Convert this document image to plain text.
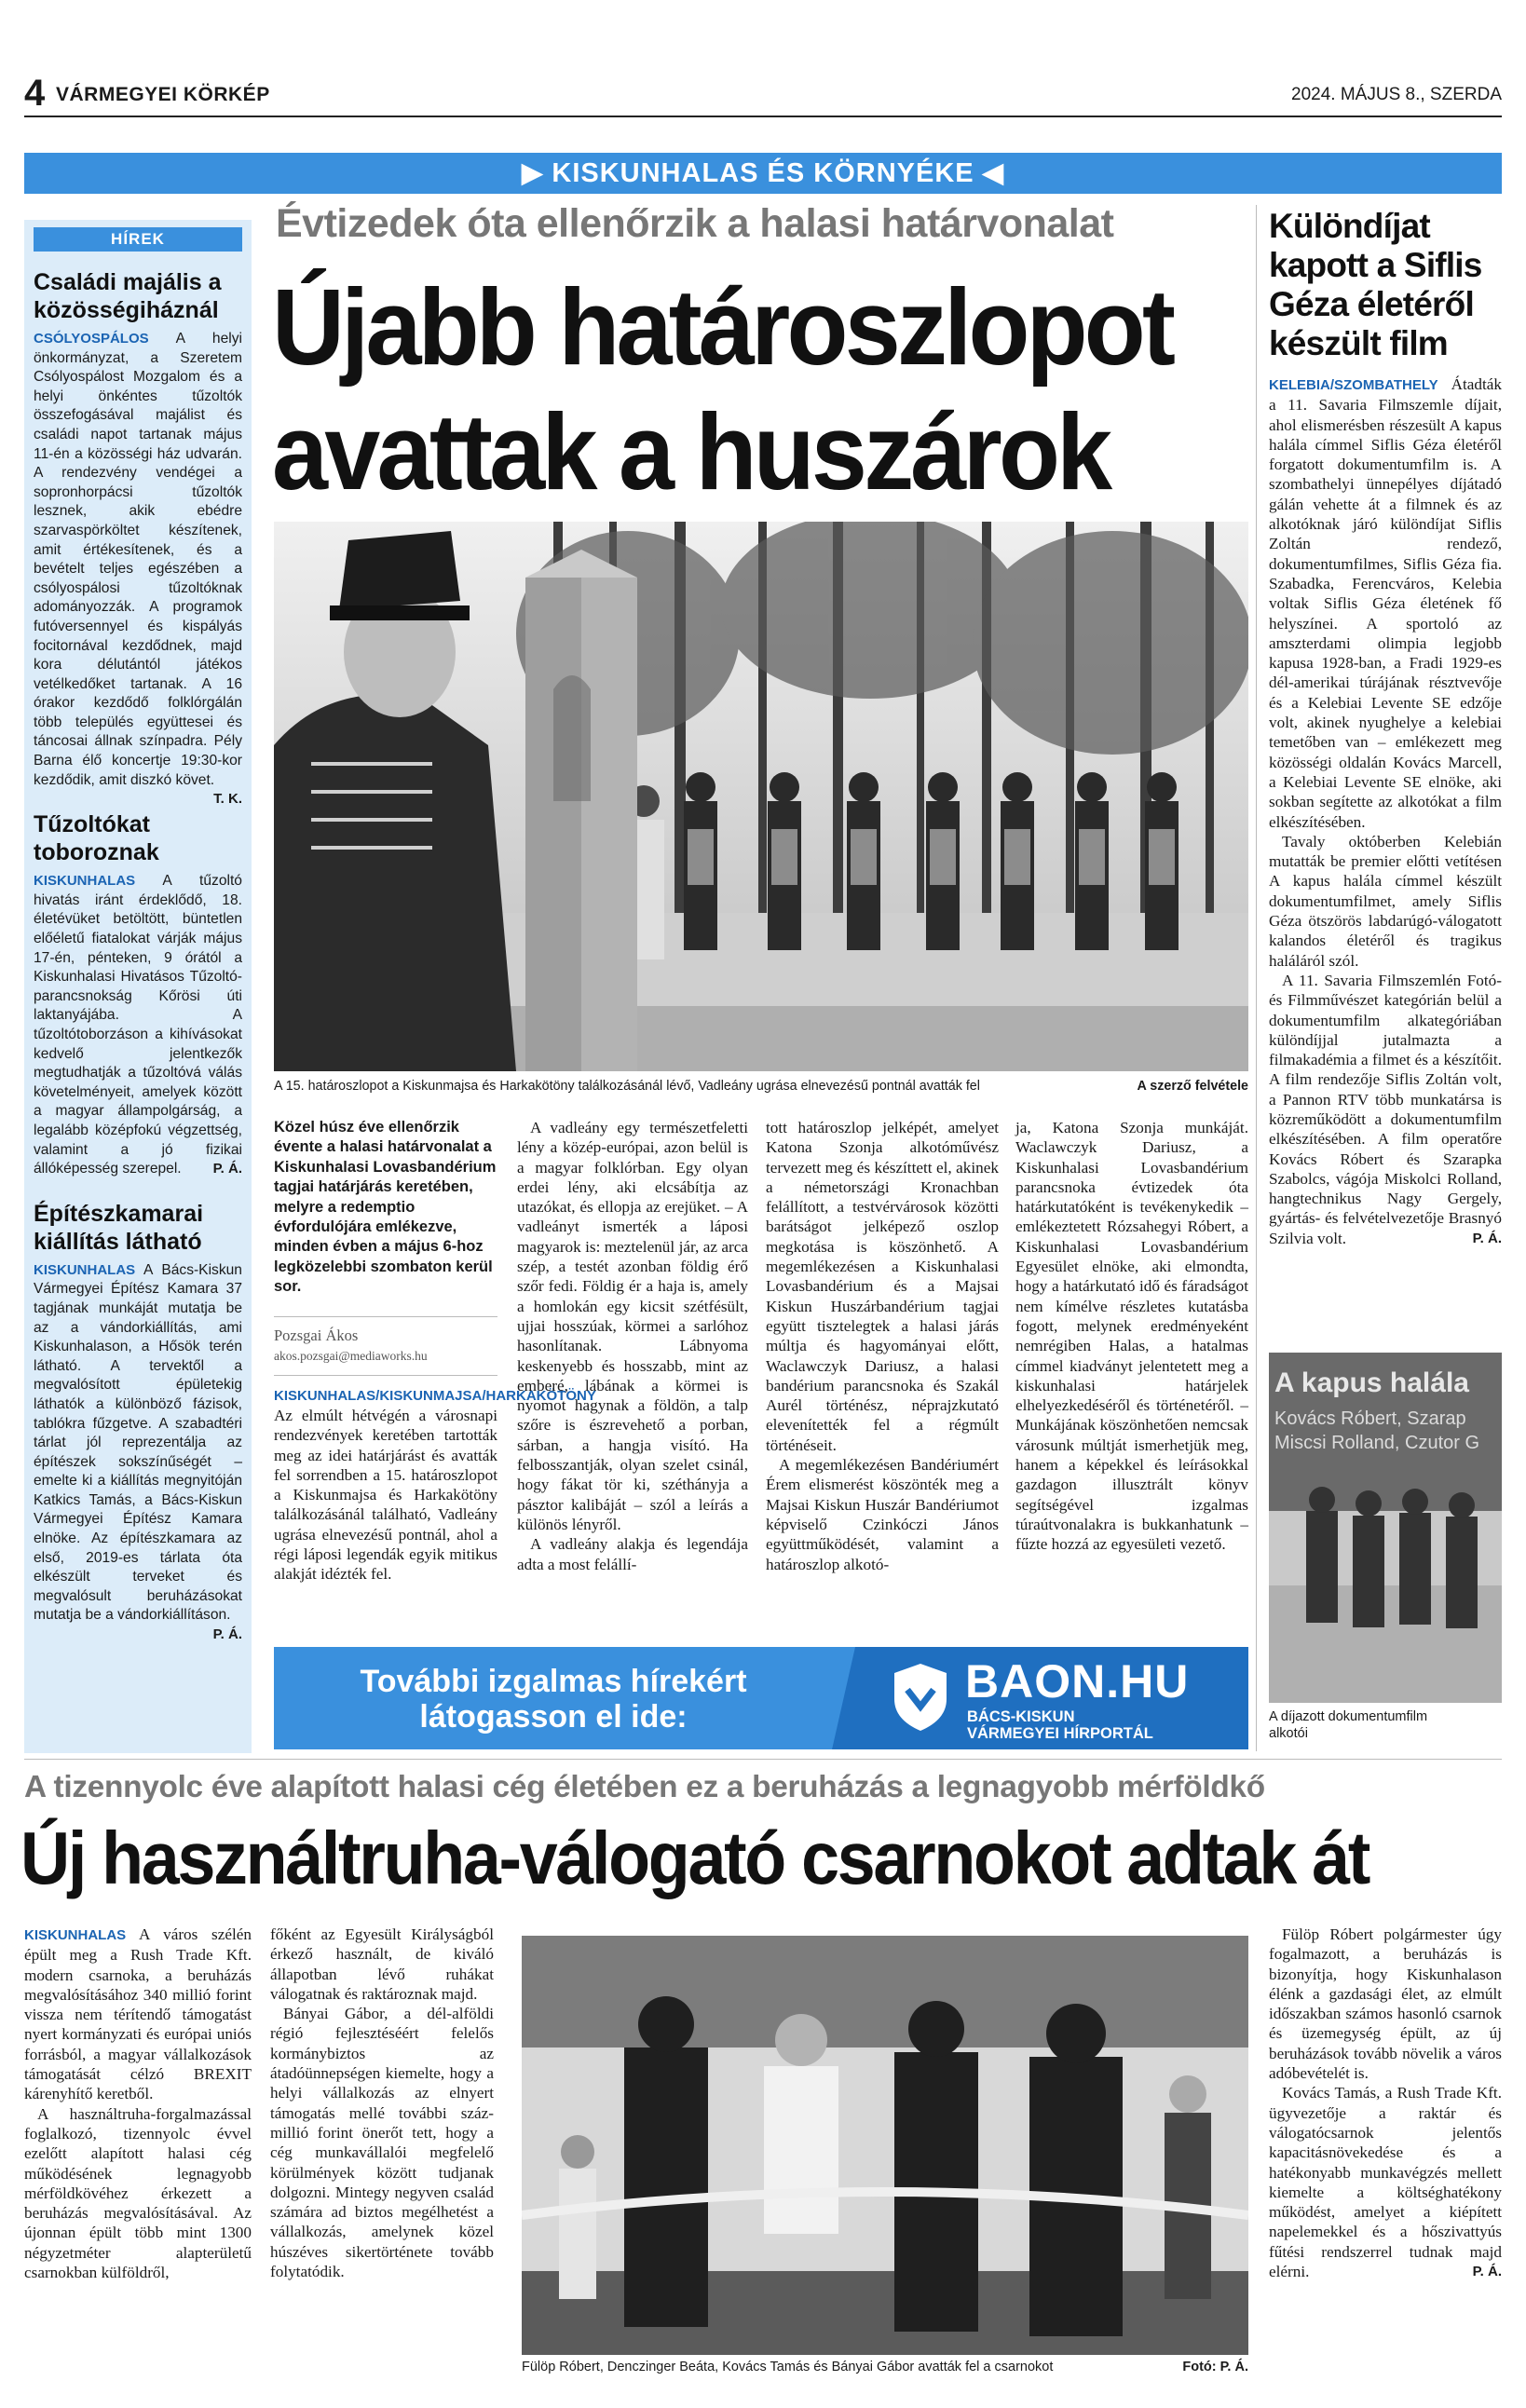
4 VÁRMEGYEI KÖRKÉP	2024. MÁJUS 8., SZERDA
▶ KISKUNHALAS ÉS KÖRNYÉKE ◀
HÍREK
Családi majális a közösségiháznál
CSÓLYOSPÁLOS A helyi önkormányzat, a Szeretem Csólyospálost Mozgalom és a helyi önkéntes tűzoltók összefogásával majálist és családi napot tartanak május 11-én a közösségi ház udvarán. A rendezvény vendégei a sopronhorpácsi tűzoltók lesznek, akik ebédre szarvaspörköltet készítenek, amit értékesítenek, és a bevételt teljes egészében a csólyospálosi tűzoltóknak adományozzák. A programok futóversennyel és kispályás focitornával kezdődnek, majd kora délutántól játékos vetélkedőket tartanak. A 16 órakor kezdődő folklórgálán több település együttesei és táncosai állnak színpadra. Pély Barna élő koncertje 19:30-kor kezdődik, amit diszkó követ.
T. K.
Tűzoltókat toboroznak
KISKUNHALAS A tűzoltó hivatás iránt érdeklődő, 18. életévüket betöltött, büntetlen előéletű fiatalokat várják május 17-én, pénteken, 9 órától a Kiskunhalasi Hivatásos Tűzoltó-parancsnokság Kőrösi úti laktanyájába. A tűzoltótoborzáson a kihívásokat kedvelő jelentkezők megtudhatják a tűzoltóvá válás követelményeit, amelyek között a magyar állampolgárság, a legalább középfokú végzettség, valamint a jó fizikai állóképesség szerepel. P. Á.
Építészkamarai kiállítás látható
KISKUNHALAS A Bács-Kiskun Vármegyei Építész Kamara 37 tagjának munkáját mutatja be az a vándorkiállítás, ami Kiskunhalason, a Hősök terén látható. A tervektől a megvalósított épületekig láthatók a különböző fázisok, tablókra fűzgetve. A szabadtéri tárlat jól reprezentálja az építészek sokszínűségét – emelte ki a kiállítás megnyitóján Katkics Tamás, a Bács-Kiskun Vármegyei Építész Kamara elnöke. Az építészkamara az első, 2019-es tárlata óta elkészült terveket és megvalósult beruházásokat mutatja be a vándorkiállításon.
P. Á.
Évtizedek óta ellenőrzik a halasi határvonalat
Újabb határoszlopot
avattak a huszárok
A 15. határoszlopot a Kiskunmajsa és Harkakötöny találkozásánál lévő, Vadleány ugrása elnevezésű pontnál avatták fel	A szerző felvétele
Közel húsz éve ellenőrzik évente a halasi határvonalat a Kiskunhalasi Lovasbandérium tagjai határjárás keretében, melyre a redemptio évfordulójára emlékezve, minden évben a május 6-hoz legközelebbi szombaton kerül sor.
Pozsgai Ákos
akos.pozsgai@mediaworks.hu
KISKUNHALAS/KISKUNMAJSA/HARKAKÖTÖNY Az elmúlt hétvégén a városnapi rendezvények keretében tartották meg az idei határjárást és avatták fel sorrendben a 15. határoszlopot a Kiskunmajsa és Harkakötöny találkozásánál található, Vadleány ugrása elnevezésű pontnál, ahol a régi láposi legendák egyik mitikus alakját idézték fel.

A vadleány egy természetfeletti lény a közép-európai, azon belül is a magyar folklórban. Egy olyan erdei lény, aki elcsábítja az utazókat, és ellopja az erejüket. – A vadleányt ismerték a láposi magyarok is: meztelenül jár, az arca szép, a testét azonban földig érő szőr fedi. Földig ér a haja is, amely a homlokán egy kicsit szétfésült, ujjai hosszúak, körmei a sarlóhoz hasonlítanak. Lábnyoma keskenyebb és hosszabb, mint az emberé, lábának a körmei is nyomot hagynak a földön, a talp szőre is észrevehető a porban, sárban, a hangja visító. Ha felbosszantják, olyan szelet csinál, hogy fákat tör ki, széthányja a pásztor kalibáját – szól a leírás a különös lényről.

A vadleány alakja és legendája adta a most felállí-

tott határoszlop jelképét, amelyet Katona Szonja alkotóművész tervezett meg és készíttett el, akinek a németországi Kronachban felállított, a testvérvárosok közötti barátságot jelképező oszlop megkotása is köszönhető. A megemlékezésen a Kiskunhalasi Lovasbandérium és a Majsai Kiskun Huszárbandérium tagjai együtt tisztelegtek a halasi járás múltja és hagyományai előtt, Waclawczyk Dariusz, a halasi bandérium parancsnoka és Szakál Aurél történész, néprajzkutató elevenítették fel a régmúlt történéseit.

A megemlékezésen Bandériumért Érem elismerést köszönték meg a Majsai Kiskun Huszár Bandériumot képviselő Czinkóczi János együttműködését, valamint a határoszlop alkotó-

ja, Katona Szonja munkáját. Waclawczyk Dariusz, a Kiskunhalasi Lovasbandérium parancsnoka évtizedek óta határkutatóként is tevékenykedik – emlékeztetett Rózsahegyi Róbert, a Kiskunhalasi Lovasbandérium Egyesület elnöke, aki elmondta, hogy a határkutató idő és fáradságot nem kímélve részletes kutatásba fogott, melynek eredményeként nemrégiben Halas, a hatalmas címmel kiadványt jelentetett meg a kiskunhalasi határjelek elhelyezkedéséről és történetéről. – Munkájának köszönhetően nemcsak városunk múltját ismerhetjük meg, hanem a képekkel és leírásokkal gazdagon illusztrált könyv segítségével izgalmas túraútvonalakra is bukkanhatunk – fűzte hozzá az egyesületi vezető.

További izgalmas hírekért
látogasson el ide:
BAON.HU
BÁCS-KISKUN
VÁRMEGYEI HÍRPORTÁL
Különdíjat kapott a Siflis Géza életéről készült film

KELEBIA/SZOMBATHELY Átadták a 11. Savaria Filmszemle díjait, ahol elismerésben részesült A kapus halála címmel Siflis Géza életéről forgatott dokumentumfilm is. A szombathelyi ünnepélyes díjátadó gálán vehette át a filmnek és az alkotóknak járó különdíjat Siflis Zoltán rendező, dokumentumfilmes, Siflis Géza fia. Szabadka, Ferencváros, Kelebia voltak Siflis Géza életének fő helyszínei. A sportoló az amszterdami olimpia legjobb kapusa 1928-ban, a Fradi 1929-es dél-amerikai túrájának résztvevője és a Kelebiai Levente SE edzője volt, akinek nyughelye a kelebiai temetőben van – emlékezett meg közösségi oldalán Kovács Marcell, a Kelebiai Levente SE elnöke, aki sokban segítette az alkotókat a film elkészítésében.

Tavaly októberben Kelebián mutatták be premier előtti vetítésen A kapus halála címmel készült dokumentumfilmet, amely Siflis Géza ötszörös labdarúgó-válogatott kalandos életéről és tragikus haláláról szól.

A 11. Savaria Filmszemlén Fotó- és Filmművészet kategórián belül a dokumentumfilm alkategóriában különdíjjal jutalmazta a filmakadémia a filmet és a készítőit. A film rendezője Siflis Zoltán volt, a Pannon RTV több munkatársa is közreműködött a dokumentumfilm elkészítésében. A film operatőre Kovács Róbert és Szarapka Szabolcs, vágója Miskolci Rolland, hangtechnikus Nagy Gergely, gyártás- és felvételvezetője Brasnyó Szilvia volt.	P. Á.

A kapus halála
Kovács Róbert, Szarap
Miscsi Rolland, Czutor G
A díjazott dokumentumfilm alkotói
A tizennyolc éve alapított halasi cég életében ez a beruházás a legnagyobb mérföldkő
Új használtruha-válogató csarnokot adtak át

KISKUNHALAS A város szélén épült meg a Rush Trade Kft. modern csarnoka, a beruházás megvalósításához 340 millió forint vissza nem térítendő támogatást nyert kormányzati és európai uniós forrásból, a magyar vállalkozások támogatását célzó BREXIT kárenyhítő keretből.

A használtruha-forgalmazással foglalkozó, tizennyolc évvel ezelőtt alapított halasi cég működésének legnagyobb mérföldkövéhez érkezett a beruházás megvalósításával. Az újonnan épült több mint 1300 négyzetméter alapterületű csarnokban külföldről,

főként az Egyesült Királyságból érkező használt, de kiváló állapotban lévő ruhákat válogatnak és raktároznak majd.

Bányai Gábor, a dél-alföldi régió fejlesztéséért felelős kormánybiztos az átadóünnepségen kiemelte, hogy a helyi vállalkozás az elnyert támogatás mellé további száz-millió forint önerőt tett, hogy a cég munkavállalói megfelelő körülmények között tudjanak dolgozni. Mintegy negyven család számára ad biztos megélhetést a vállalkozás, amelynek közel húszéves sikertörténete tovább folytatódik.

Fülöp Róbert, Denczinger Beáta, Kovács Tamás és Bányai Gábor avatták fel a csarnokot	Fotó: P. Á.

Fülöp Róbert polgármester úgy fogalmazott, a beruházás is bizonyítja, hogy Kiskunhalason élénk a gazdasági élet, az elmúlt időszakban számos hasonló csarnok és üzemegység épült, az új beruházások tovább növelik a város adóbevételét is.

Kovács Tamás, a Rush Trade Kft. ügyvezetője a raktár és válogatócsarnok jelentős kapacitásnövekedése és a hatékonyabb munkavégzés mellett kiemelte a költséghatékony működést, amelyet a kiépített napelemekkel és a hőszivattyús fűtési rendszerrel tudnak majd elérni.	P. Á.
